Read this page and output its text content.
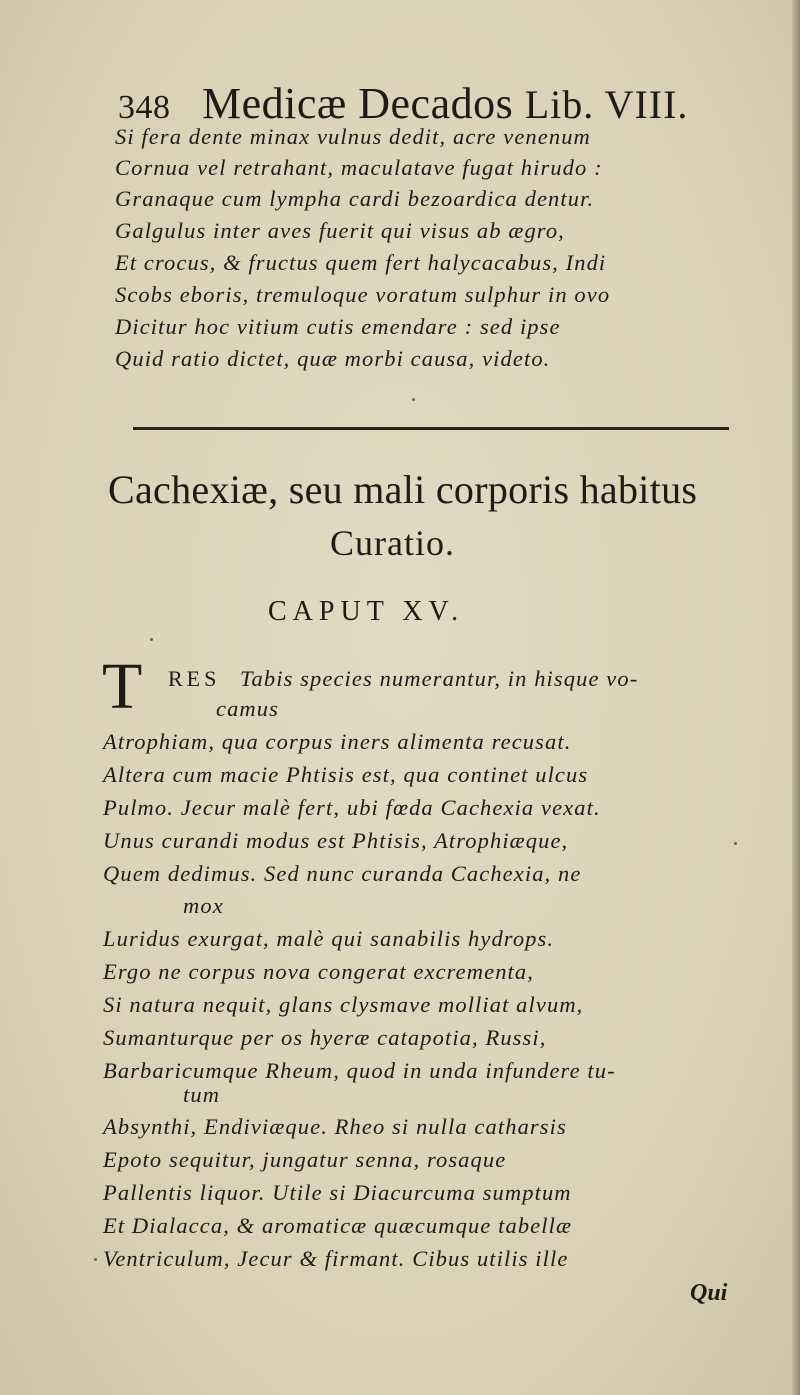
348 Medicæ Decados Lib. VIII.
Si fera dente minax vulnus dedit, acre venenum
Cornua vel retrahant, maculatave fugat hirudo :
Granaque cum lympha cardi bezoardica dentur.
Galgulus inter aves fuerit qui visus ab ægro,
Et crocus, & fructus quem fert halycacabus, Indi
Scobs eboris, tremuloque voratum sulphur in ovo
Dicitur hoc vitium cutis emendare : sed ipse
Quid ratio dictet, quæ morbi causa, videto.
Cachexiæ, seu mali corporis habitus
Curatio.
CAPUT XV.
T RES Tabis species numerantur, in hisque vo-
camus
Atrophiam, qua corpus iners alimenta recusat.
Altera cum macie Phtisis est, qua continet ulcus
Pulmo. Jecur malè fert, ubi fœda Cachexia vexat.
Unus curandi modus est Phtisis, Atrophiæque,
Quem dedimus. Sed nunc curanda Cachexia, ne
mox
Luridus exurgat, malè qui sanabilis hydrops.
Ergo ne corpus nova congerat excrementa,
Si natura nequit, glans clysmave molliat alvum,
Sumanturque per os hyeræ catapotia, Russi,
Barbaricumque Rheum, quod in unda infundere tu-
tum
Absynthi, Endiviæque. Rheo si nulla catharsis
Epoto sequitur, jungatur senna, rosaque
Pallentis liquor. Utile si Diacurcuma sumptum
Et Dialacca, & aromaticæ quæcumque tabellæ
Ventriculum, Jecur & firmant. Cibus utilis ille
Qui
